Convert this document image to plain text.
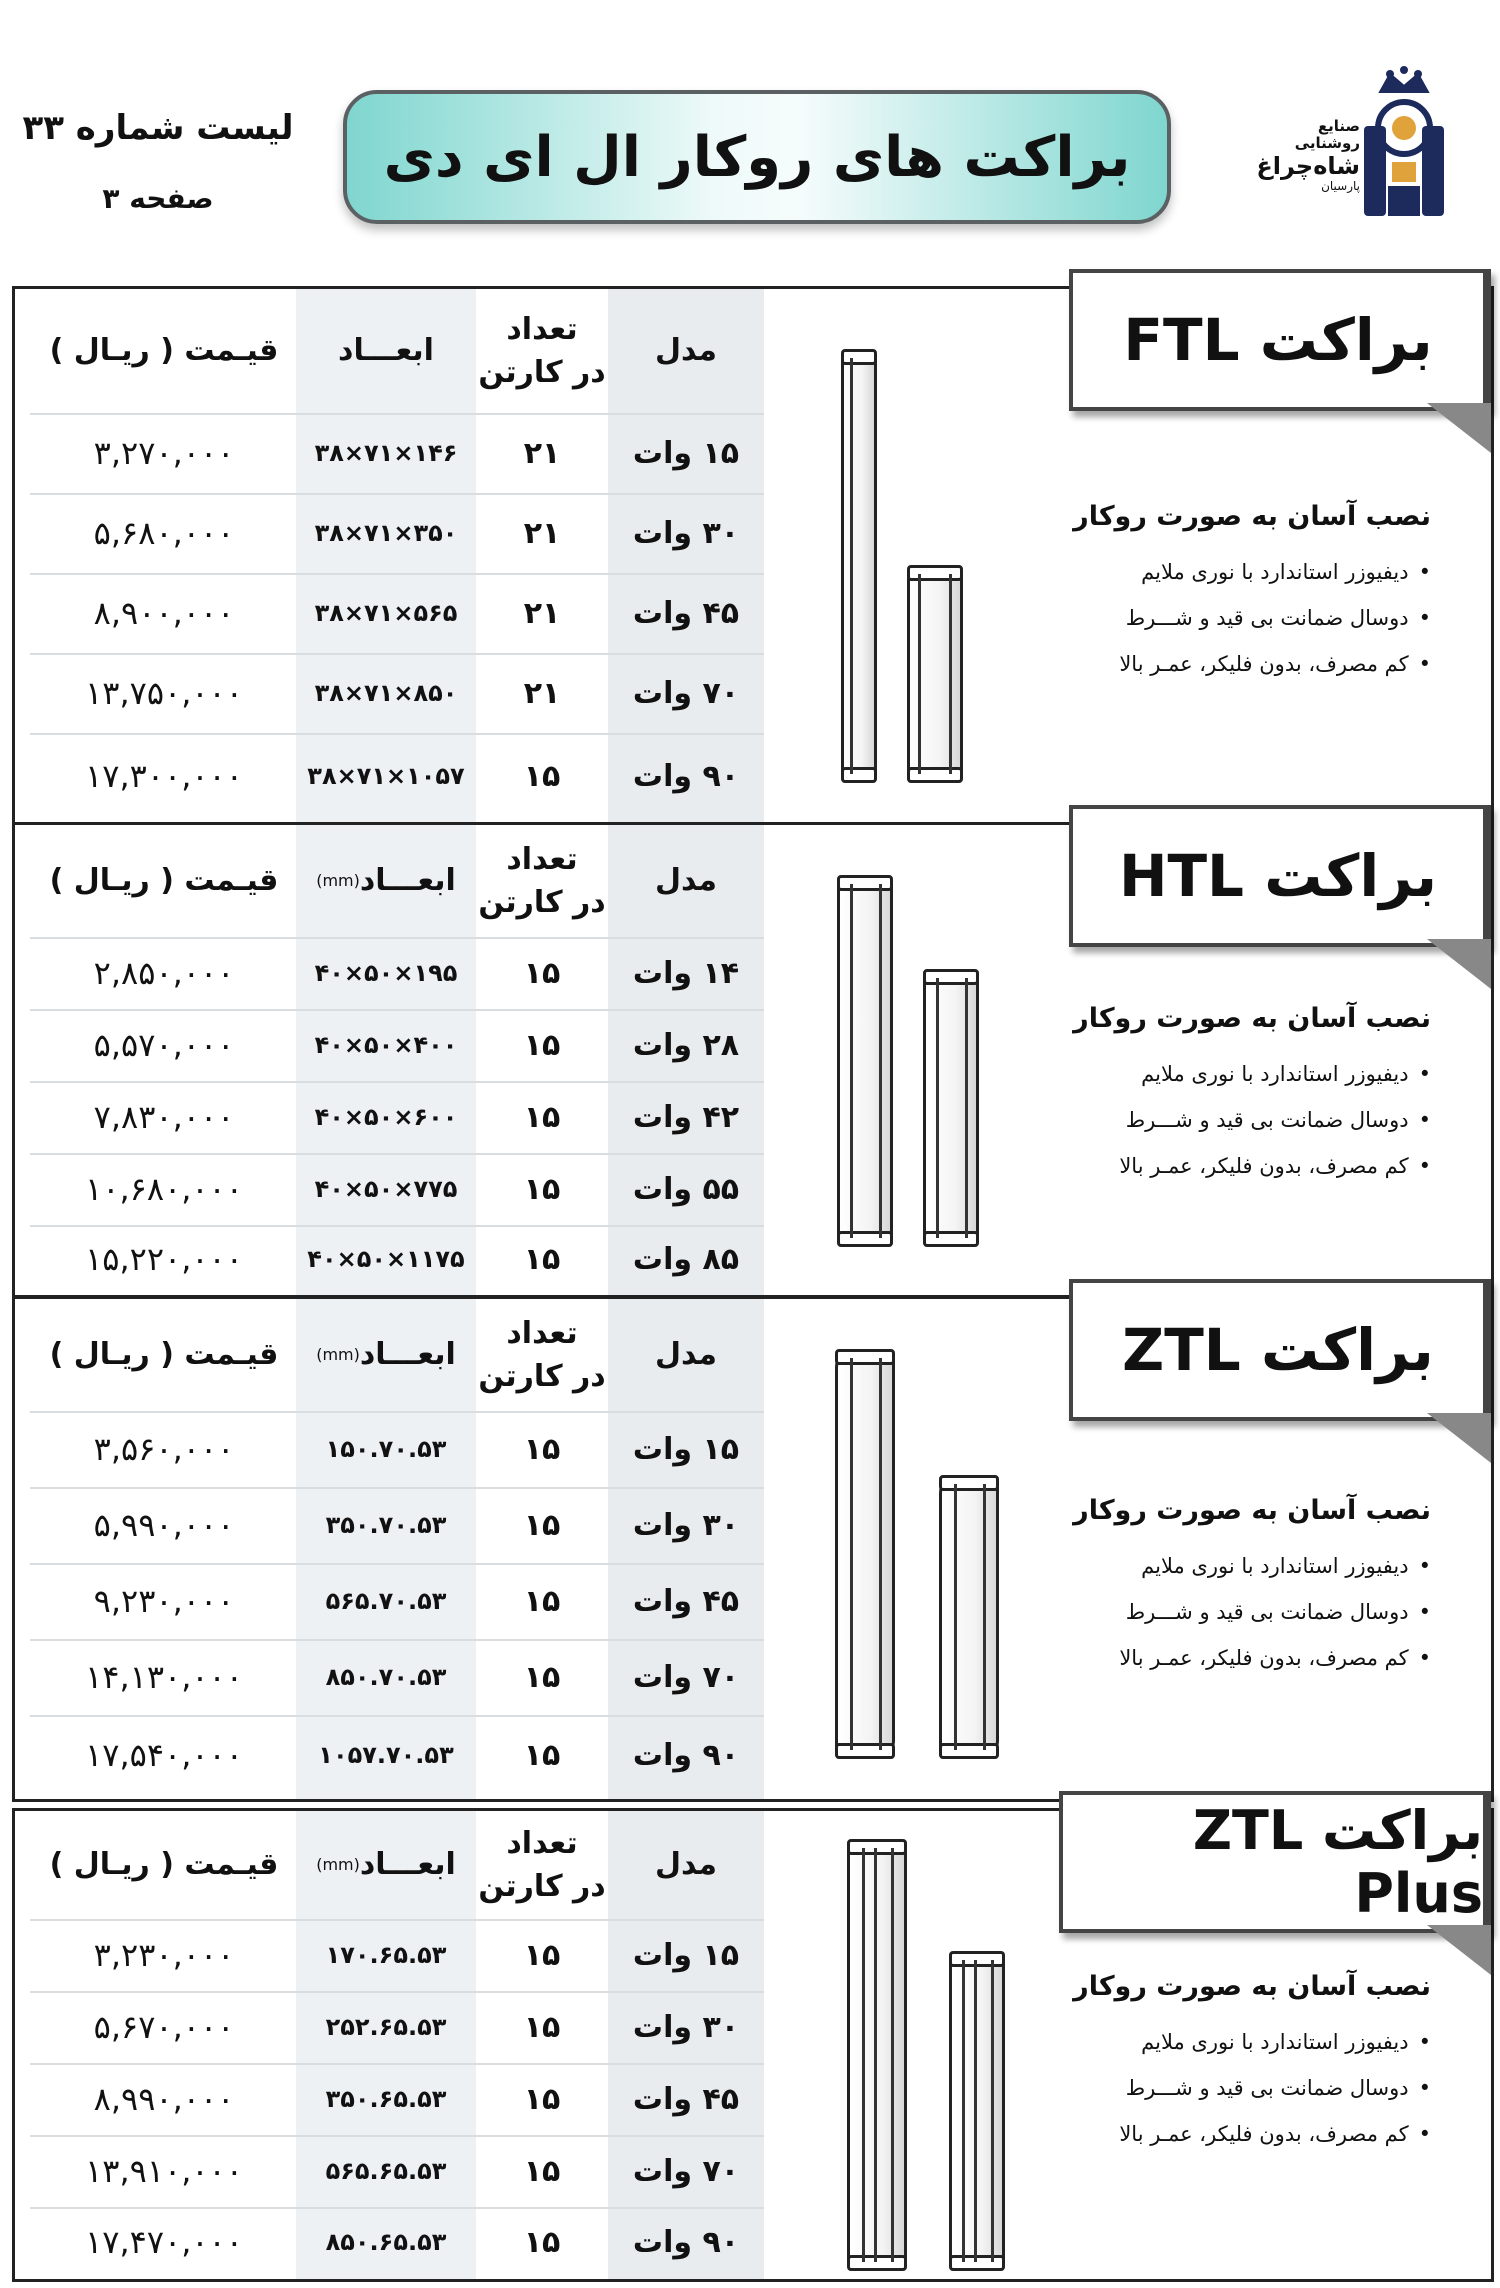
لیست شماره ۳۳
صفحه ۳
براکت های روکار ال ای دی	صنایع روشنایی
شاه‌چراغ
پارسیان
مدل
تعداد
در کارتن
ابعـــاد
قیـمت ( ریـال )
۱۵ وات
۲۱
۱۴۶×۷۱×۳۸
۳,۲۷۰,۰۰۰
۳۰ وات
۲۱
۳۵۰×۷۱×۳۸
۵,۶۸۰,۰۰۰
۴۵ وات
۲۱
۵۶۵×۷۱×۳۸
۸,۹۰۰,۰۰۰
۷۰ وات
۲۱
۸۵۰×۷۱×۳۸
۱۳,۷۵۰,۰۰۰
۹۰ وات
۱۵
۱۰۵۷×۷۱×۳۸
۱۷,۳۰۰,۰۰۰
براکت FTL
نصب آسان به صورت روکار
• دیفیوزر استاندارد با نوری ملایم
• دوسال ضمانت بی قید و شـــرط
• کم مصرف، بدون فلیکر، عمـر بالا
مدل
تعداد
در کارتن
ابعـــاد
(mm)
قیـمت ( ریـال )
۱۴ وات
۱۵
۱۹۵×۵۰×۴۰
۲,۸۵۰,۰۰۰
۲۸ وات
۱۵
۴۰۰×۵۰×۴۰
۵,۵۷۰,۰۰۰
۴۲ وات
۱۵
۶۰۰×۵۰×۴۰
۷,۸۳۰,۰۰۰
۵۵ وات
۱۵
۷۷۵×۵۰×۴۰
۱۰,۶۸۰,۰۰۰
۸۵ وات
۱۵
۱۱۷۵×۵۰×۴۰
۱۵,۲۲۰,۰۰۰
براکت HTL
نصب آسان به صورت روکار
• دیفیوزر استاندارد با نوری ملایم
• دوسال ضمانت بی قید و شـــرط
• کم مصرف، بدون فلیکر، عمـر بالا
مدل
تعداد
در کارتن
ابعـــاد
(mm)
قیـمت ( ریـال )
۱۵ وات
۱۵
۱۵۰.۷۰.۵۳
۳,۵۶۰,۰۰۰
۳۰ وات
۱۵
۳۵۰.۷۰.۵۳
۵,۹۹۰,۰۰۰
۴۵ وات
۱۵
۵۶۵.۷۰.۵۳
۹,۲۳۰,۰۰۰
۷۰ وات
۱۵
۸۵۰.۷۰.۵۳
۱۴,۱۳۰,۰۰۰
۹۰ وات
۱۵
۱۰۵۷.۷۰.۵۳
۱۷,۵۴۰,۰۰۰
براکت ZTL
نصب آسان به صورت روکار
• دیفیوزر استاندارد با نوری ملایم
• دوسال ضمانت بی قید و شـــرط
• کم مصرف، بدون فلیکر، عمـر بالا
مدل
تعداد
در کارتن
ابعـــاد
(mm)
قیـمت ( ریـال )
۱۵ وات
۱۵
۱۷۰.۶۵.۵۳
۳,۲۳۰,۰۰۰
۳۰ وات
۱۵
۲۵۲.۶۵.۵۳
۵,۶۷۰,۰۰۰
۴۵ وات
۱۵
۳۵۰.۶۵.۵۳
۸,۹۹۰,۰۰۰
۷۰ وات
۱۵
۵۶۵.۶۵.۵۳
۱۳,۹۱۰,۰۰۰
۹۰ وات
۱۵
۸۵۰.۶۵.۵۳
۱۷,۴۷۰,۰۰۰
براکت ZTL Plus
نصب آسان به صورت روکار
• دیفیوزر استاندارد با نوری ملایم
• دوسال ضمانت بی قید و شـــرط
• کم مصرف، بدون فلیکر، عمـر بالا
